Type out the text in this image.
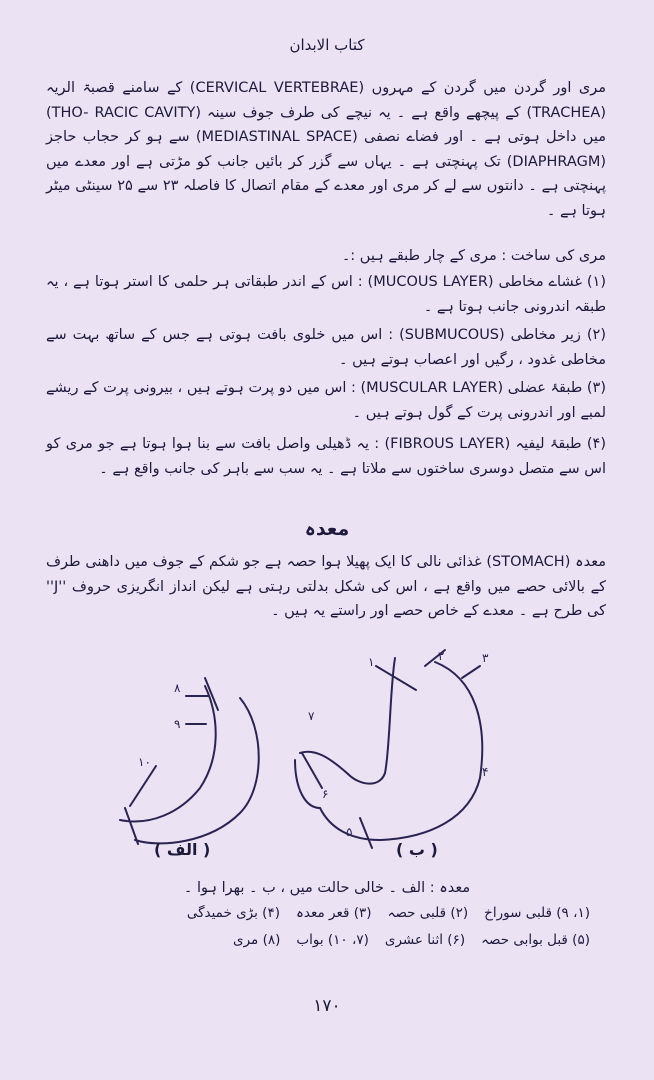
کتاب الابدان
مری اور گردن میں گردن کے مہروں (CERVICAL VERTEBRAE) کے سامنے قصبۃ الریہ (TRACHEA) کے پیچھے واقع ہے ۔ یہ نیچے کی طرف جوف سینہ (THO- RACIC CAVITY) میں داخل ہوتی ہے ۔ اور فضاے نصفی (MEDIASTINAL SPACE) سے ہو کر حجاب حاجز (DIAPHRAGM) تک پہنچتی ہے ۔ یہاں سے گزر کر بائیں جانب کو مڑتی ہے اور معدے میں پہنچتی ہے ۔ دانتوں سے لے کر مری اور معدے کے مقام اتصال کا فاصلہ ۲۳ سے ۲۵ سینٹی میٹر ہوتا ہے ۔
مری کی ساخت : مری کے چار طبقے ہیں :۔
(۱) غشاے مخاطی (MUCOUS LAYER) : اس کے اندر طبقاتی ہر حلمی کا استر ہوتا ہے ، یہ طبقہ اندرونی جانب ہوتا ہے ۔
(۲) زیر مخاطی (SUBMUCOUS) : اس میں خلوی بافت ہوتی ہے جس کے ساتھ بہت سے مخاطی غدود ، رگیں اور اعصاب ہوتے ہیں ۔
(۳) طبقۂ عضلی (MUSCULAR LAYER) : اس میں دو پرت ہوتے ہیں ، بیرونی پرت کے ریشے لمبے اور اندرونی پرت کے گول ہوتے ہیں ۔
(۴) طبقۂ لیفیہ (FIBROUS LAYER) : یہ ڈھیلی واصل بافت سے بنا ہوا ہوتا ہے جو مری کو اس سے متصل دوسری ساختوں سے ملاتا ہے ۔ یہ سب سے باہر کی جانب واقع ہے ۔
معدہ
معدہ (STOMACH) غذائی نالی کا ایک پھیلا ہوا حصہ ہے جو شکم کے جوف میں داھنی طرف کے بالائی حصے میں واقع ہے ، اس کی شکل بدلتی رہتی ہے لیکن انداز انگریزی حروف ''J'' کی طرح ہے ۔ معدے کے خاص حصے اور راستے یہ ہیں ۔
۸
۹
۱۰
۱	۲	۳
۴
۵
۶
۷
( الف )	( ب )
معدہ : الف ۔ خالی حالت میں ، ب ۔ بھرا ہوا ۔
(۱، ۹) قلبی سوراخ
(۲) قلبی حصہ
(۳) قعر معدہ
(۴) بڑی خمیدگی
(۵) قبل بوابی حصہ
(۶) اثنا عشری
(۷، ۱۰) بواب
(۸) مری
۱۷۰
